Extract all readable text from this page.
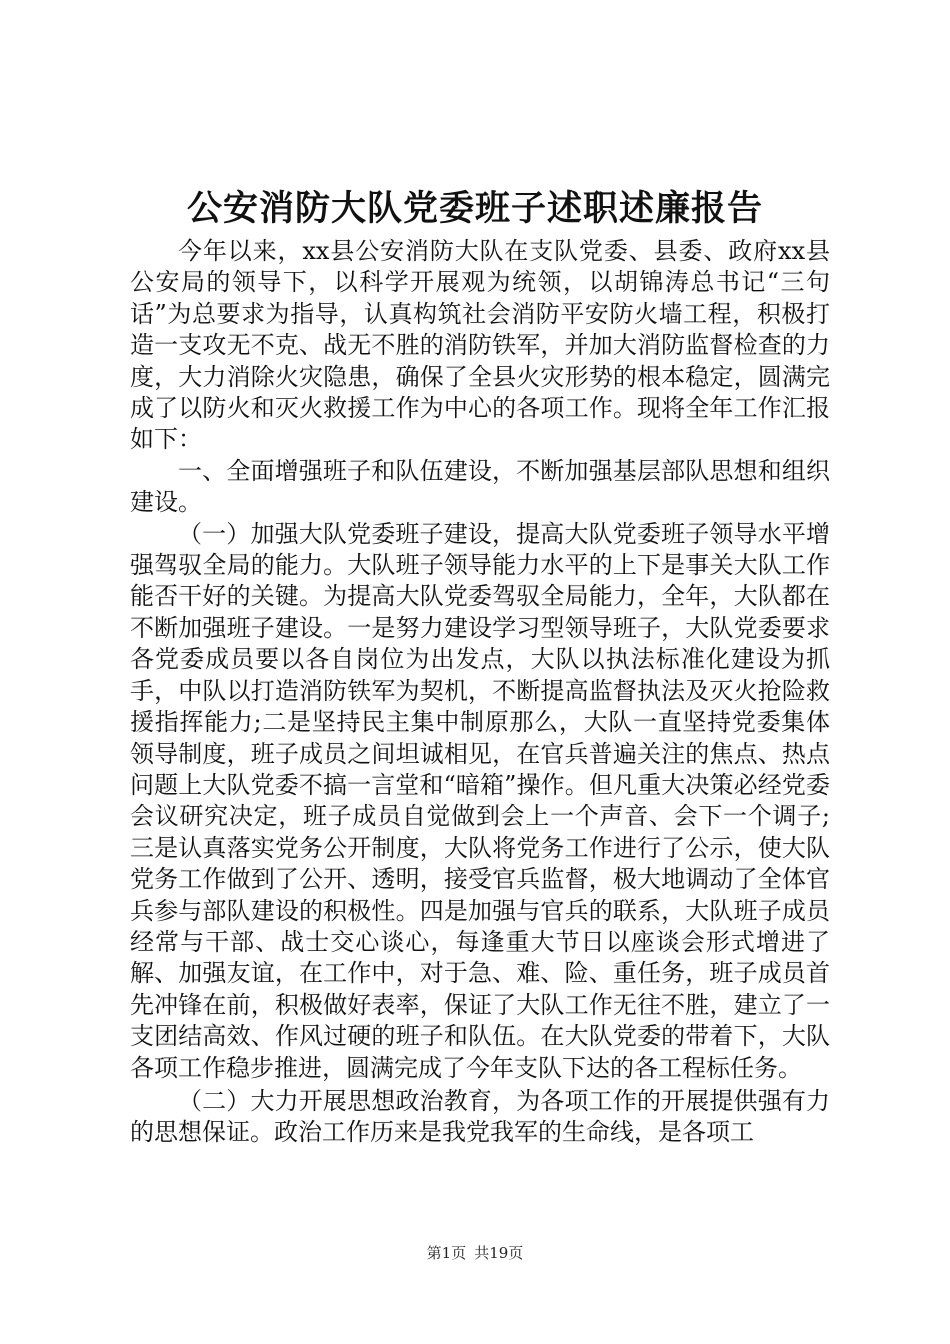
公安消防大队党委班子述职述廉报告

今年以来，xx县公安消防大队在支队党委、县委、政府xx县公安局的领导下，以科学开展观为统领，以胡锦涛总书记“三句话”为总要求为指导，认真构筑社会消防平安防火墙工程，积极打造一支攻无不克、战无不胜的消防铁军，并加大消防监督检查的力度，大力消除火灾隐患，确保了全县火灾形势的根本稳定，圆满完成了以防火和灭火救援工作为中心的各项工作。现将全年工作汇报如下：

一、全面增强班子和队伍建设，不断加强基层部队思想和组织建设。

（一）加强大队党委班子建设，提高大队党委班子领导水平增强驾驭全局的能力。大队班子领导能力水平的上下是事关大队工作能否干好的关键。为提高大队党委驾驭全局能力，全年，大队都在不断加强班子建设。一是努力建设学习型领导班子，大队党委要求各党委成员要以各自岗位为出发点，大队以执法标准化建设为抓手，中队以打造消防铁军为契机，不断提高监督执法及灭火抢险救援指挥能力;二是坚持民主集中制原那么，大队一直坚持党委集体领导制度，班子成员之间坦诚相见，在官兵普遍关注的焦点、热点问题上大队党委不搞一言堂和“暗箱”操作。但凡重大决策必经党委会议研究决定，班子成员自觉做到会上一个声音、会下一个调子;三是认真落实党务公开制度，大队将党务工作进行了公示，使大队党务工作做到了公开、透明，接受官兵监督，极大地调动了全体官兵参与部队建设的积极性。四是加强与官兵的联系，大队班子成员经常与干部、战士交心谈心，每逢重大节日以座谈会形式增进了解、加强友谊，在工作中，对于急、难、险、重任务，班子成员首先冲锋在前，积极做好表率，保证了大队工作无往不胜，建立了一支团结高效、作风过硬的班子和队伍。在大队党委的带着下，大队各项工作稳步推进，圆满完成了今年支队下达的各工程标任务。

（二）大力开展思想政治教育，为各项工作的开展提供强有力的思想保证。政治工作历来是我党我军的生命线，是各项工

第1页 共19页
